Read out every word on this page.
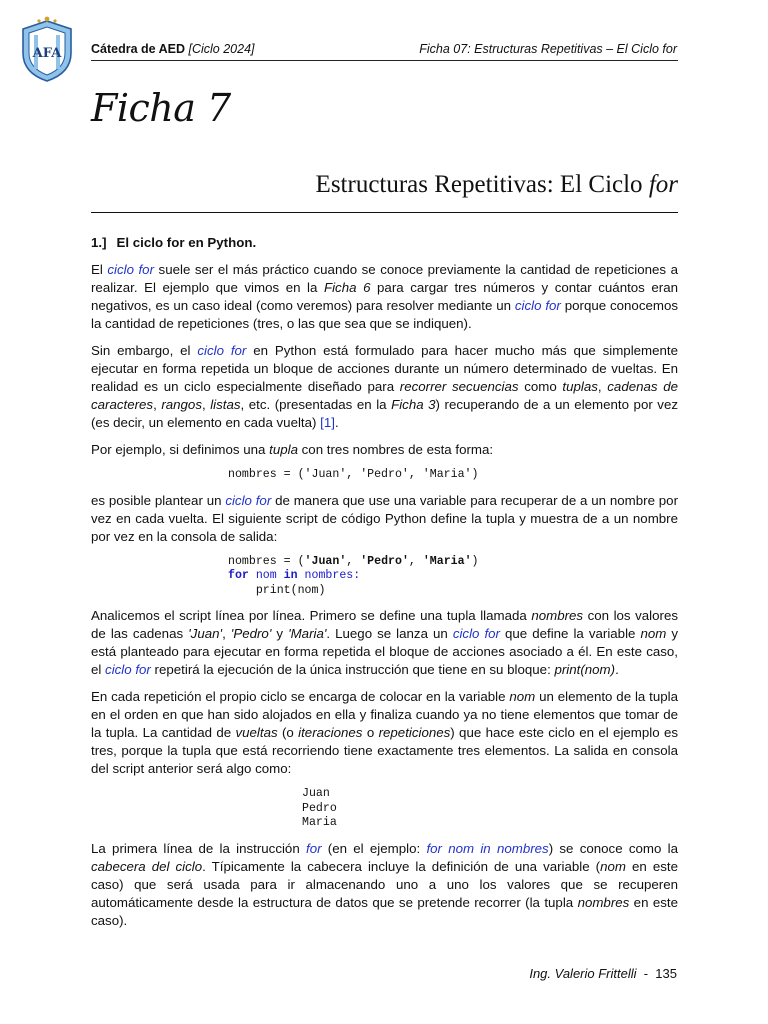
AFA Cátedra de AED [Ciclo 2024]	Ficha 07: Estructuras Repetitivas – El Ciclo for
Ficha 7
Estructuras Repetitivas: El Ciclo for
1.] El ciclo for en Python.

El ciclo for suele ser el más práctico cuando se conoce previamente la cantidad de repeticiones a realizar. El ejemplo que vimos en la Ficha 6 para cargar tres números y contar cuántos eran negativos, es un caso ideal (como veremos) para resolver mediante un ciclo for porque conocemos la cantidad de repeticiones (tres, o las que sea que se indiquen).

Sin embargo, el ciclo for en Python está formulado para hacer mucho más que simplemente ejecutar en forma repetida un bloque de acciones durante un número determinado de vueltas. En realidad es un ciclo especialmente diseñado para recorrer secuencias como tuplas, cadenas de caracteres, rangos, listas, etc. (presentadas en la Ficha 3) recuperando de a un elemento por vez (es decir, un elemento en cada vuelta) [1].

Por ejemplo, si definimos una tupla con tres nombres de esta forma:

nombres = ('Juan', 'Pedro', 'Maria')

es posible plantear un ciclo for de manera que use una variable para recuperar de a un nombre por vez en cada vuelta. El siguiente script de código Python define la tupla y muestra de a un nombre por vez en la consola de salida:

nombres = ('Juan', 'Pedro', 'Maria')
for nom in nombres:
print(nom)

Analicemos el script línea por línea. Primero se define una tupla llamada nombres con los valores de las cadenas 'Juan', 'Pedro' y 'Maria'. Luego se lanza un ciclo for que define la variable nom y está planteado para ejecutar en forma repetida el bloque de acciones asociado a él. En este caso, el ciclo for repetirá la ejecución de la única instrucción que tiene en su bloque: print(nom).

En cada repetición el propio ciclo se encarga de colocar en la variable nom un elemento de la tupla en el orden en que han sido alojados en ella y finaliza cuando ya no tiene elementos que tomar de la tupla. La cantidad de vueltas (o iteraciones o repeticiones) que hace este ciclo en el ejemplo es tres, porque la tupla que está recorriendo tiene exactamente tres elementos. La salida en consola del script anterior será algo como:

Juan
Pedro
Maria

La primera línea de la instrucción for (en el ejemplo: for nom in nombres) se conoce como la cabecera del ciclo. Típicamente la cabecera incluye la definición de una variable (nom en este caso) que será usada para ir almacenando uno a uno los valores que se recuperen automáticamente desde la estructura de datos que se pretende recorrer (la tupla nombres en este caso).

Ing. Valerio Frittelli  -  135
